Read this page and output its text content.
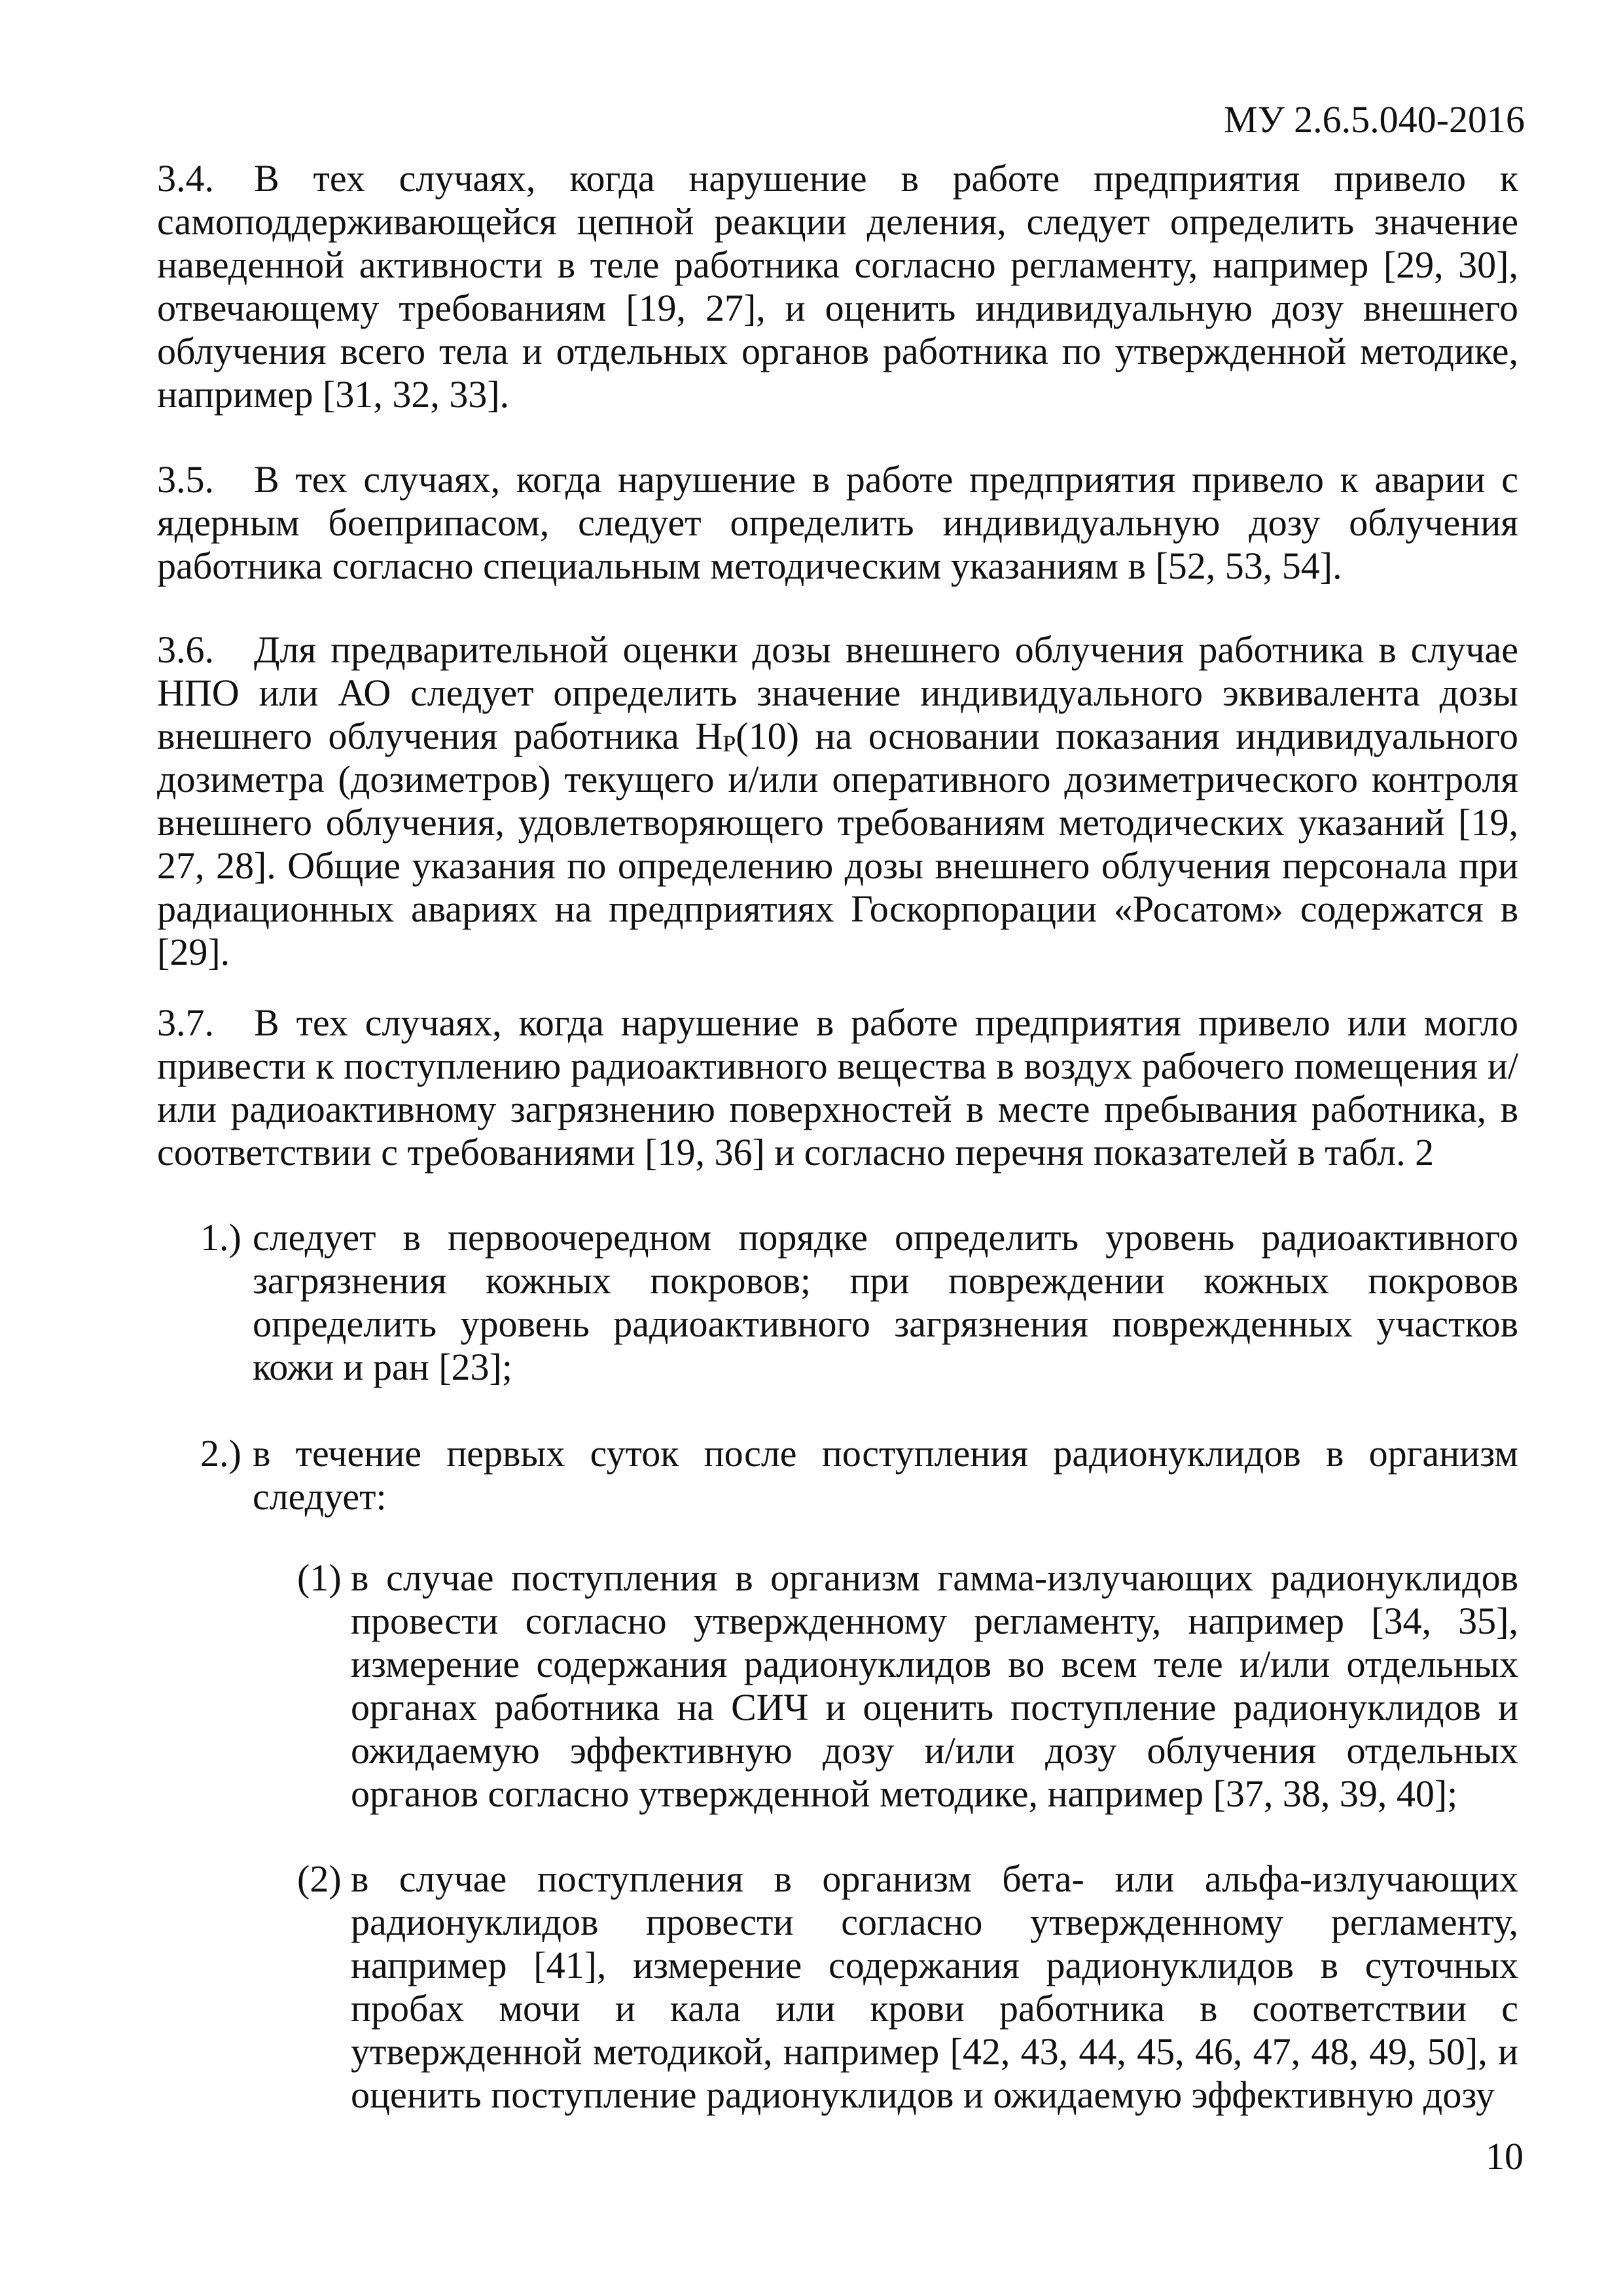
МУ 2.6.5.040-2016

3.4. В тех случаях, когда нарушение в работе предприятия привело к самоподдерживающейся цепной реакции деления, следует определить значение наведенной активности в теле работника согласно регламенту, например [29, 30], отвечающему требованиям [19, 27], и оценить индивидуальную дозу внешнего облучения всего тела и отдельных органов работника по утвержденной методике, например [31, 32, 33].

3.5. В тех случаях, когда нарушение в работе предприятия привело к аварии с ядерным боеприпасом, следует определить индивидуальную дозу облучения работника согласно специальным методическим указаниям в [52, 53, 54].

3.6. Для предварительной оценки дозы внешнего облучения работника в случае НПО или АО следует определить значение индивидуального эквивалента дозы внешнего облучения работника $H_P(10)$ на основании показания индивидуального дозиметра (дозиметров) текущего и/или оперативного дозиметрического контроля внешнего облучения, удовлетворяющего требованиям методических указаний [19, 27, 28]. Общие указания по определению дозы внешнего облучения персонала при радиационных авариях на предприятиях Госкорпорации «Росатом» содержатся в [29].

3.7. В тех случаях, когда нарушение в работе предприятия привело или могло привести к поступлению радиоактивного вещества в воздух рабочего помещения и/или радиоактивному загрязнению поверхностей в месте пребывания работника, в соответствии с требованиями [19, 36] и согласно перечня показателей в табл. 2

1.) следует в первоочередном порядке определить уровень радиоактивного загрязнения кожных покровов; при повреждении кожных покровов определить уровень радиоактивного загрязнения поврежденных участков кожи и ран [23];
2.) в течение первых суток после поступления радионуклидов в организм следует:
(1) в случае поступления в организм гамма-излучающих радионуклидов провести согласно утвержденному регламенту, например [34, 35], измерение содержания радионуклидов во всем теле и/или отдельных органах работника на СИЧ и оценить поступление радионуклидов и ожидаемую эффективную дозу и/или дозу облучения отдельных органов согласно утвержденной методике, например [37, 38, 39, 40];
(2) в случае поступления в организм бета- или альфа-излучающих радионуклидов провести согласно утвержденному регламенту, например [41], измерение содержания радионуклидов в суточных пробах мочи и кала или крови работника в соответствии с утвержденной методикой, например [42, 43, 44, 45, 46, 47, 48, 49, 50], и оценить поступление радионуклидов и ожидаемую эффективную дозу
10
